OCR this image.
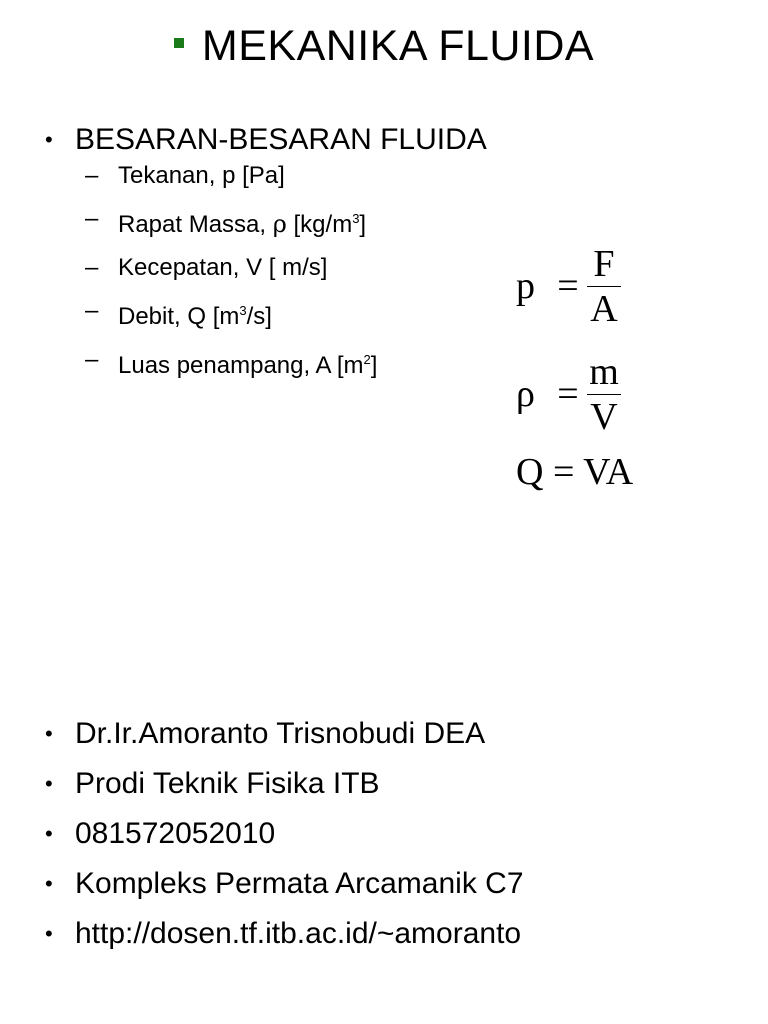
MEKANIKA FLUIDA
• BESARAN-BESARAN FLUIDA
– Tekanan, p [Pa]
– Rapat Massa, ρ $[kg/m^3]$
– Kecepatan, V [ m/s]
– Debit, Q $[m^3/s]$
– Luas penampang, A $[m^2]$
$p = \frac{F}{A}$
$\rho = \frac{m}{V}$
Q = VA
• Dr.Ir.Amoranto Trisnobudi DEA
• Prodi Teknik Fisika ITB
• 081572052010
• Kompleks Permata Arcamanik C7
• http://dosen.tf.itb.ac.id/~amoranto
